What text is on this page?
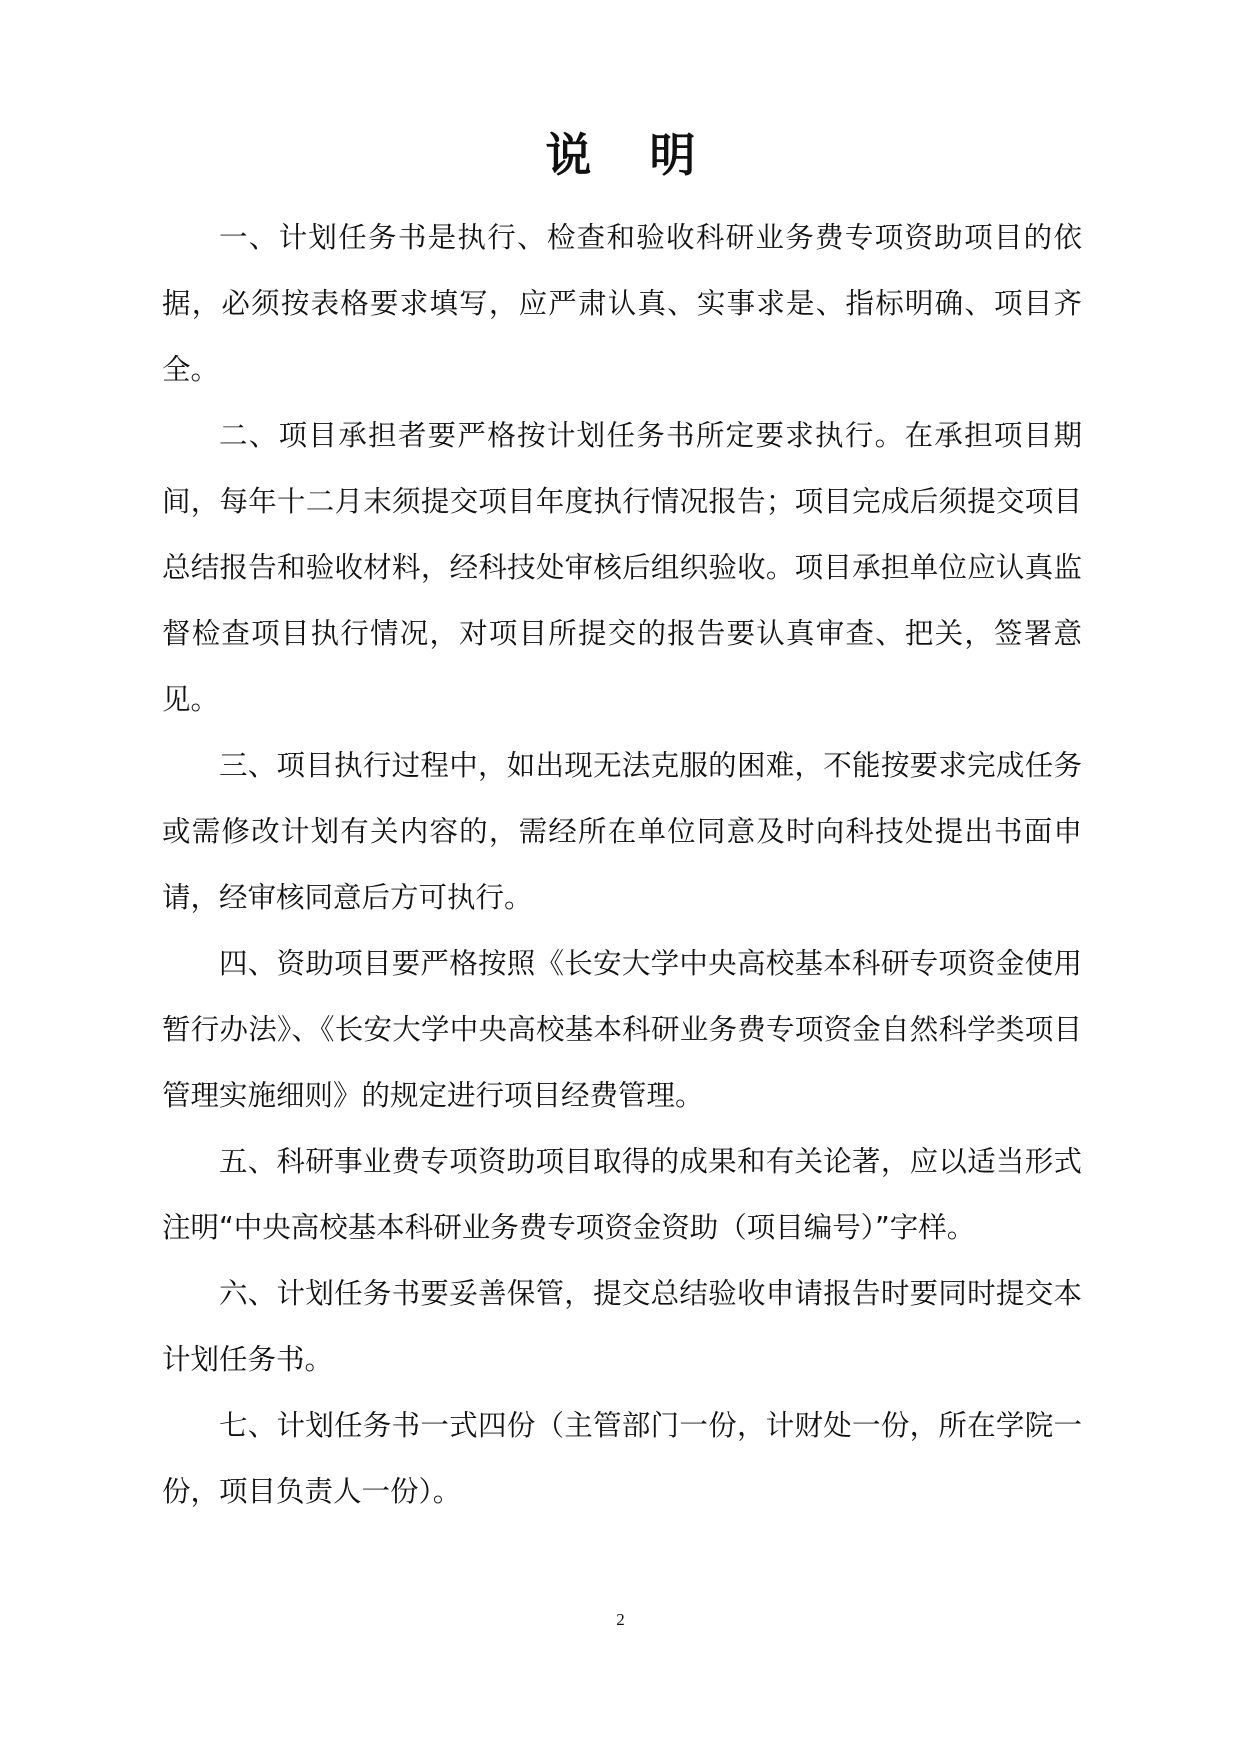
说明

一、计划任务书是执行、检查和验收科研业务费专项资助项目的依据，必须按表格要求填写，应严肃认真、实事求是、指标明确、项目齐全。

二、项目承担者要严格按计划任务书所定要求执行。在承担项目期间，每年十二月末须提交项目年度执行情况报告；项目完成后须提交项目总结报告和验收材料，经科技处审核后组织验收。项目承担单位应认真监督检查项目执行情况，对项目所提交的报告要认真审查、把关，签署意见。

三、项目执行过程中，如出现无法克服的困难，不能按要求完成任务或需修改计划有关内容的，需经所在单位同意及时向科技处提出书面申请，经审核同意后方可执行。

四、资助项目要严格按照《长安大学中央高校基本科研专项资金使用暂行办法》、《长安大学中央高校基本科研业务费专项资金自然科学类项目管理实施细则》的规定进行项目经费管理。

五、科研事业费专项资助项目取得的成果和有关论著，应以适当形式注明“中央高校基本科研业务费专项资金资助（项目编号）”字样。

六、计划任务书要妥善保管，提交总结验收申请报告时要同时提交本计划任务书。

七、计划任务书一式四份（主管部门一份，计财处一份，所在学院一份，项目负责人一份）。

2
